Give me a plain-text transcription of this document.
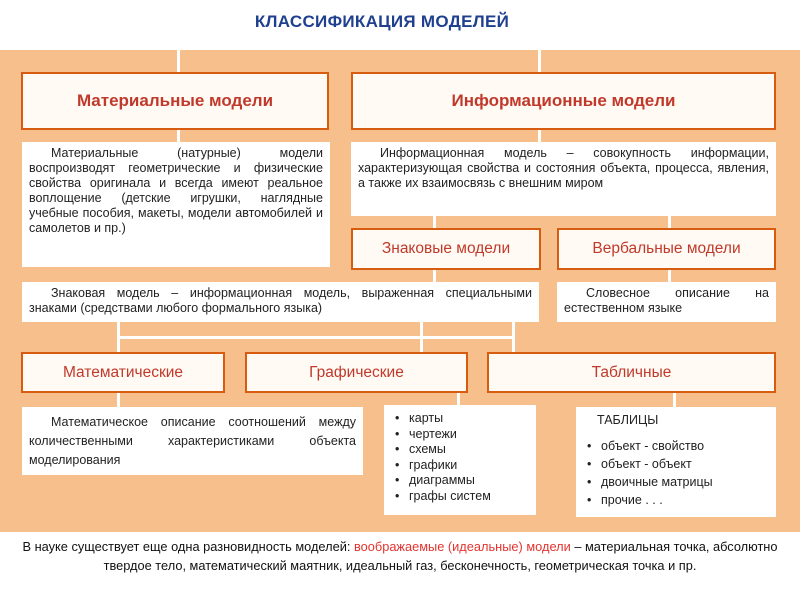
КЛАССИФИКАЦИЯ МОДЕЛЕЙ
Материальные модели

Материальные (натурные) модели воспроизводят геометрические и физические свойства оригинала и всегда имеют реальное воплощение (детские игрушки, наглядные учебные пособия, макеты, модели автомобилей и самолетов и пр.)

Информационные модели

Информационная модель – совокупность информации, характеризующая свойства и состояния объекта, процесса, явления, а также их взаимосвязь с внешним миром

Знаковые модели

Знаковая модель – информационная модель, выраженная специальными знаками (средствами любого формального языка)

Вербальные модели

Словесное описание на естественном языке

Математические

Математическое описание соотношений между количественными характеристиками объекта моделирования

Графические
• карты
• чертежи
• схемы
• графики
• диаграммы
• графы систем
Табличные
ТАБЛИЦЫ
• объект - свойство
• объект - объект
• двоичные матрицы
• прочие . . .
В науке существует еще одна разновидность моделей: воображаемые (идеальные) модели – материальная точка, абсолютно твердое тело, математический маятник, идеальный газ, бесконечность, геометрическая точка и пр.
